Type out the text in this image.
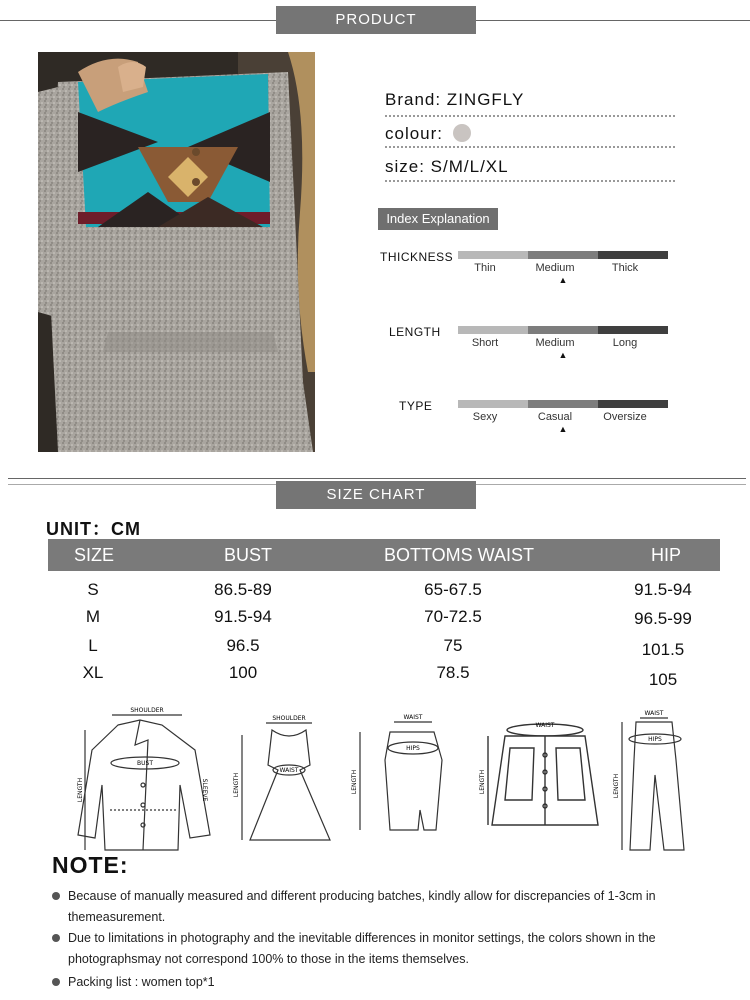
PRODUCT INFORMATION
Brand: ZINGFLY
colour:
size: S/M/L/XL
Index Explanation
THICKNESS
Thin	Medium	Thick
▲
LENGTH
Short	Medium	Long
▲
TYPE
Sexy	Casual	Oversize
▲
SIZE CHART
UNIT：CM
SIZE	BUST	BOTTOMS WAIST	HIP
S	86.5-89	65-67.5	91.5-94
M	91.5-94	70-72.5	96.5-99
L	96.5	75	101.5
XL	100	78.5	105
SHOULDER
BUST
LENGTH	SLEEVE
SHOULDER
WAIST
LENGTH
WAIST
HIPS
LENGTH
WAIST
LENGTH
WAIST
HIPS
LENGTH
NOTE:
Because of manually measured and different producing batches, kindly allow for discrepancies of 1-3cm in
themeasurement.
Due to limitations in photography and the inevitable differences in monitor settings, the colors shown in the
photographsmay not correspond 100% to those in the items themselves.
Packing list : women top*1
